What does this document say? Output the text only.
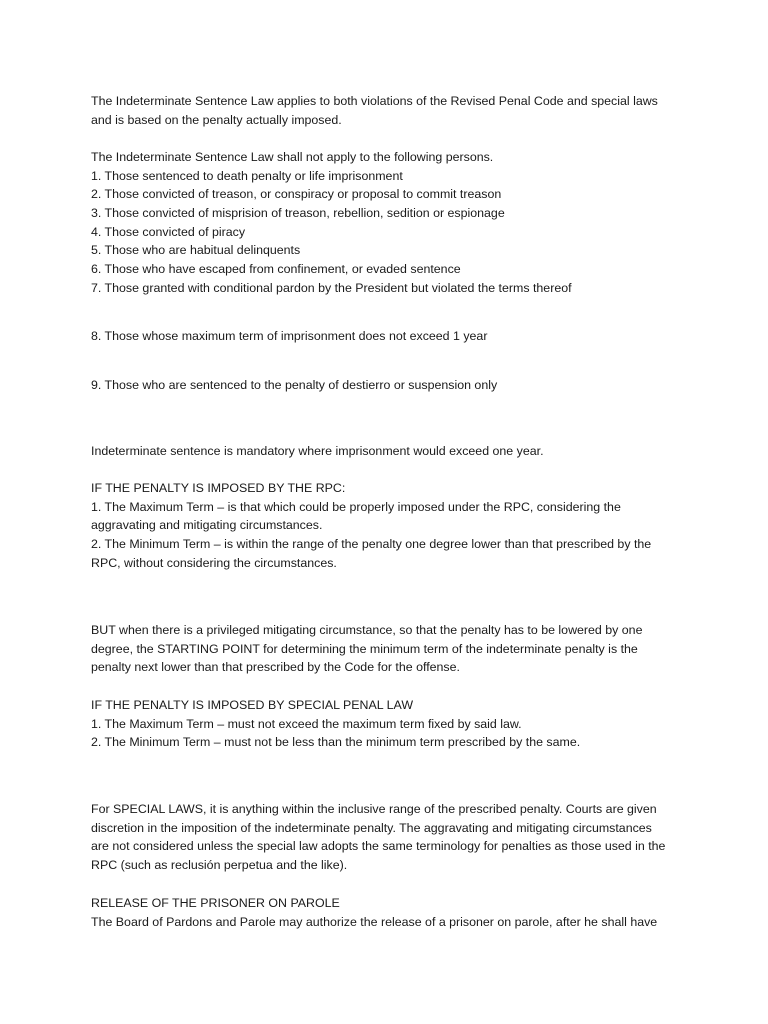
The Indeterminate Sentence Law applies to both violations of the Revised Penal Code and special laws
and is based on the penalty actually imposed.
The Indeterminate Sentence Law shall not apply to the following persons.
1. Those sentenced to death penalty or life imprisonment
2. Those convicted of treason, or conspiracy or proposal to commit treason
3. Those convicted of misprision of treason, rebellion, sedition or espionage
4. Those convicted of piracy
5. Those who are habitual delinquents
6. Those who have escaped from confinement, or evaded sentence
7. Those granted with conditional pardon by the President but violated the terms thereof
8. Those whose maximum term of imprisonment does not exceed 1 year
9. Those who are sentenced to the penalty of destierro or suspension only
Indeterminate sentence is mandatory where imprisonment would exceed one year.
IF THE PENALTY IS IMPOSED BY THE RPC:
1. The Maximum Term – is that which could be properly imposed under the RPC, considering the
aggravating and mitigating circumstances.
2. The Minimum Term – is within the range of the penalty one degree lower than that prescribed by the
RPC, without considering the circumstances.
BUT when there is a privileged mitigating circumstance, so that the penalty has to be lowered by one
degree, the STARTING POINT for determining the minimum term of the indeterminate penalty is the
penalty next lower than that prescribed by the Code for the offense.
IF THE PENALTY IS IMPOSED BY SPECIAL PENAL LAW
1. The Maximum Term – must not exceed the maximum term fixed by said law.
2. The Minimum Term – must not be less than the minimum term prescribed by the same.
For SPECIAL LAWS, it is anything within the inclusive range of the prescribed penalty. Courts are given
discretion in the imposition of the indeterminate penalty. The aggravating and mitigating circumstances
are not considered unless the special law adopts the same terminology for penalties as those used in the
RPC (such as reclusión perpetua and the like).
RELEASE OF THE PRISONER ON PAROLE
The Board of Pardons and Parole may authorize the release of a prisoner on parole, after he shall have
